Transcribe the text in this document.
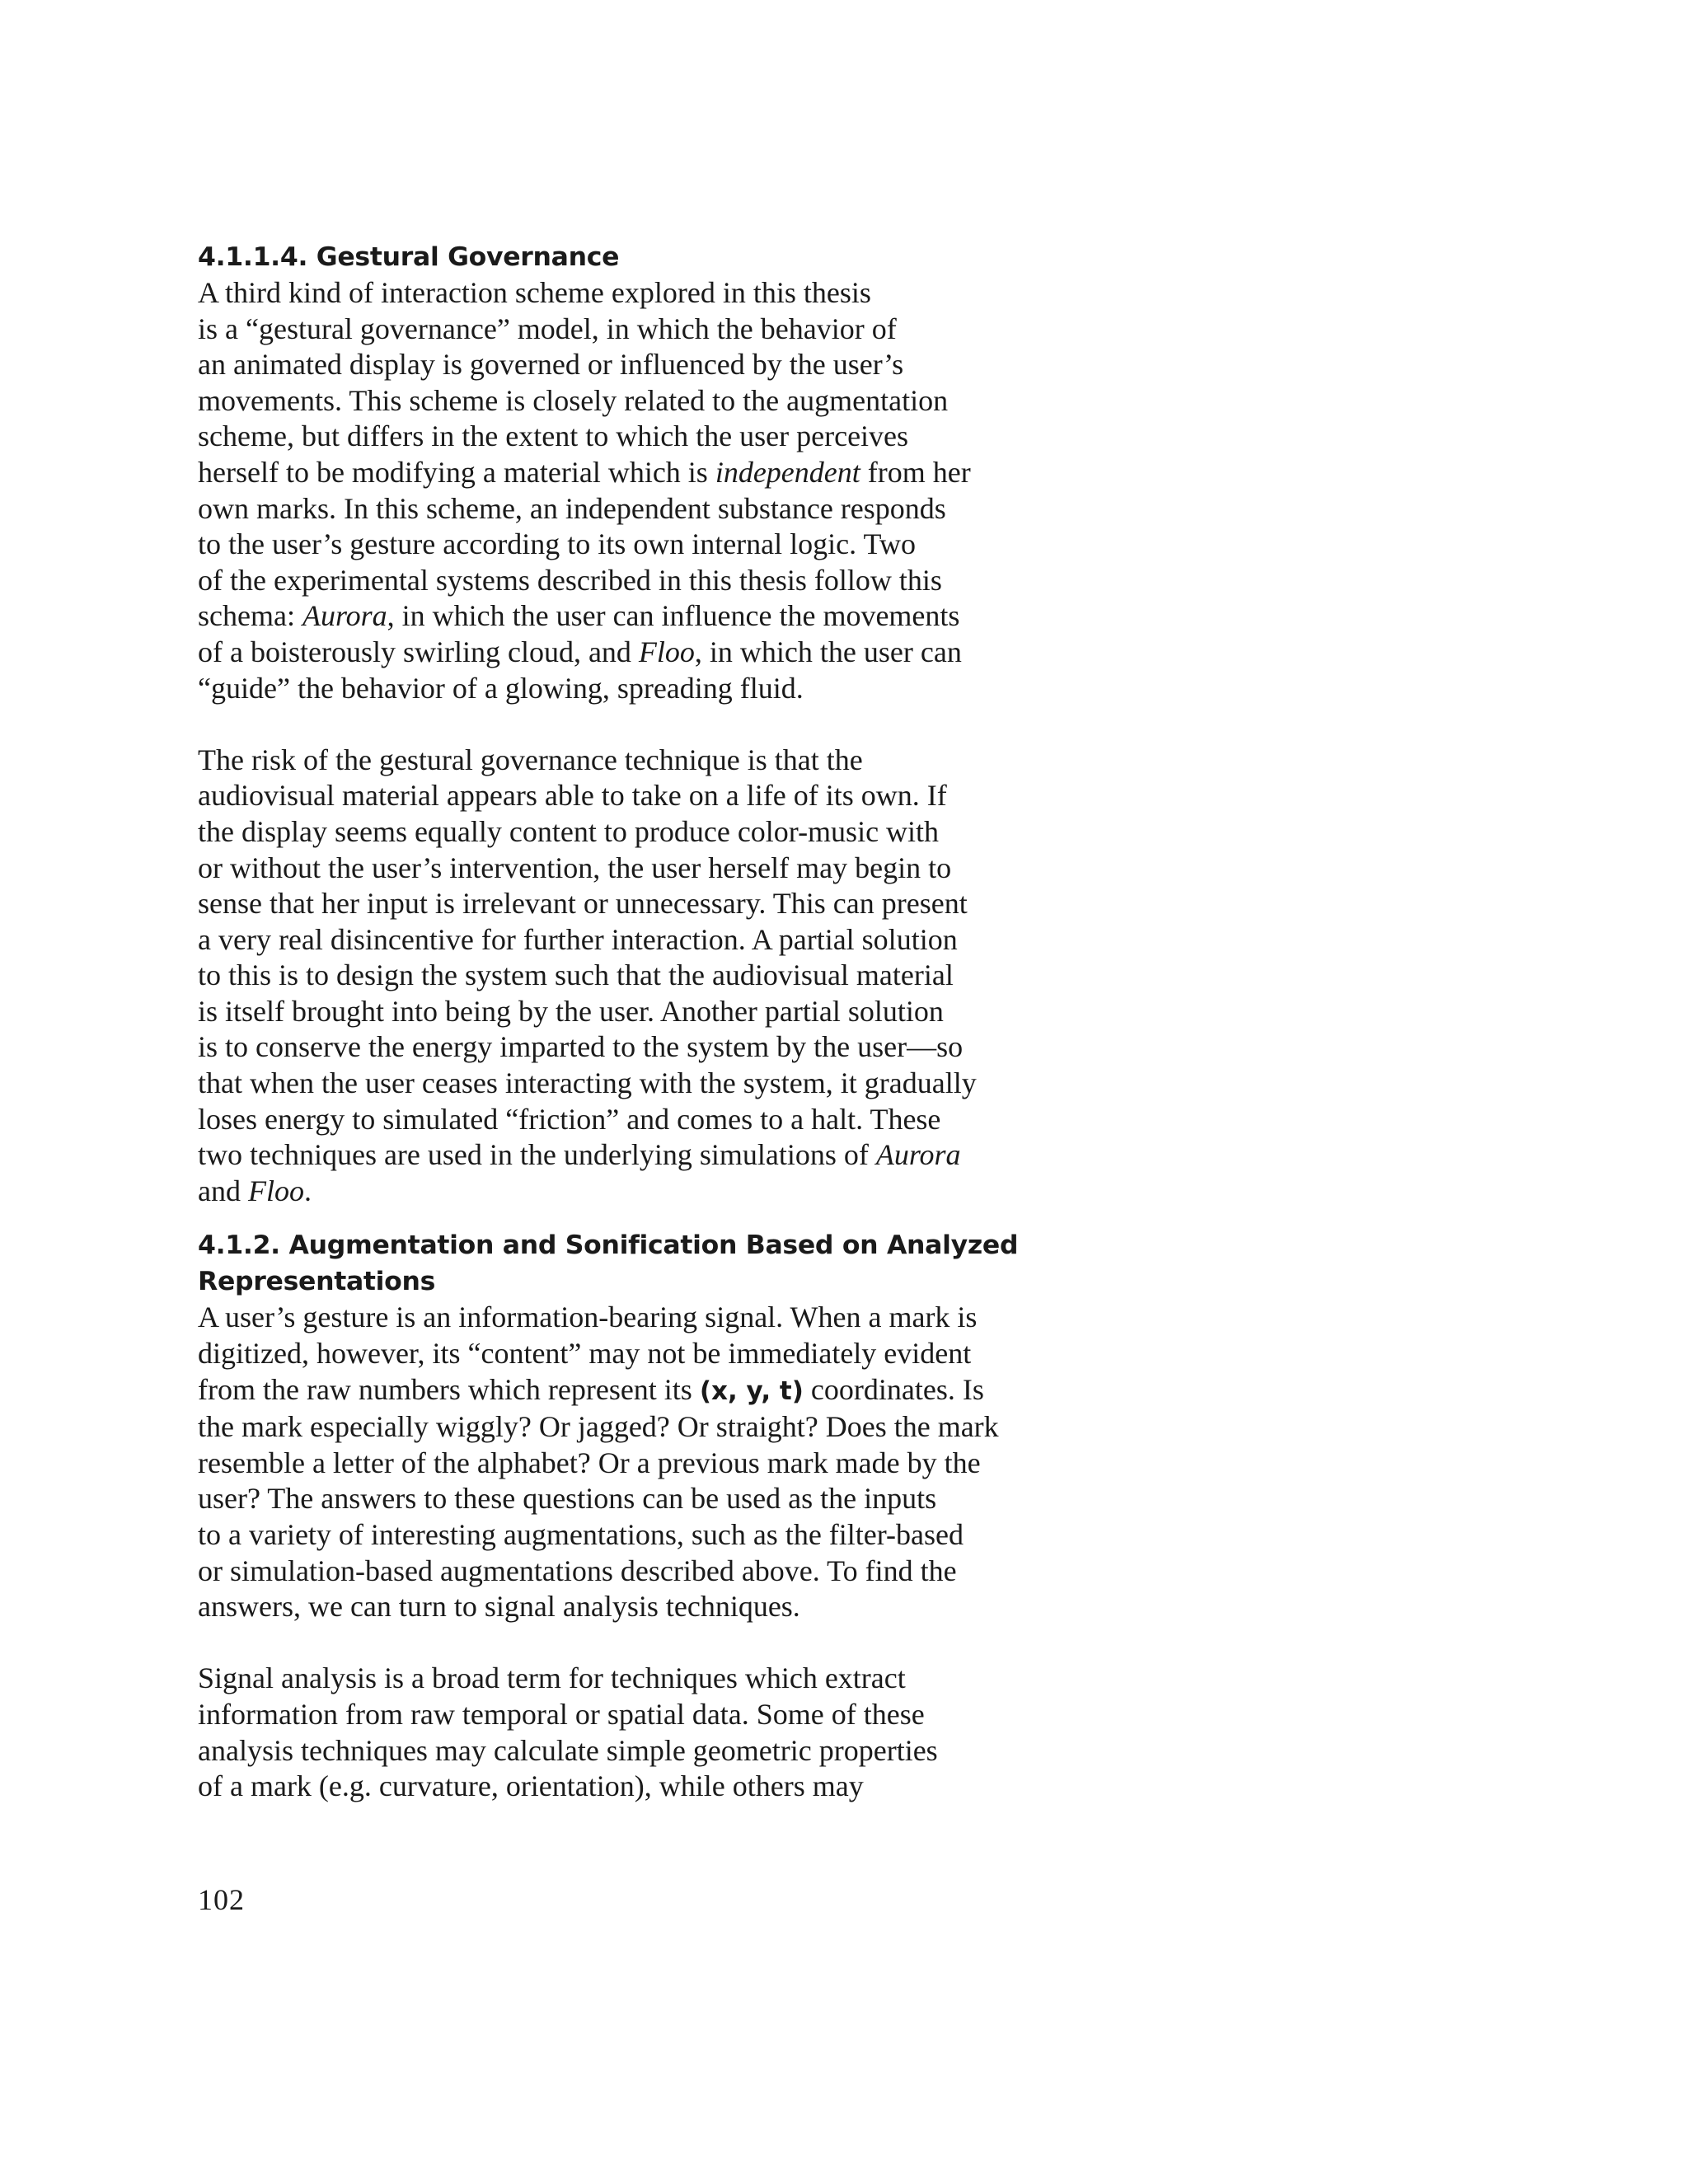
4.1.1.4. Gestural Governance

A third kind of interaction scheme explored in this thesis

is a “gestural governance” model, in which the behavior of

an animated display is governed or influenced by the user’s

movements. This scheme is closely related to the augmentation

scheme, but differs in the extent to which the user perceives

herself to be modifying a material which is independent from her

own marks. In this scheme, an independent substance responds

to the user’s gesture according to its own internal logic. Two

of the experimental systems described in this thesis follow this

schema: Aurora, in which the user can influence the movements

of a boisterously swirling cloud, and Floo, in which the user can

“guide” the behavior of a glowing, spreading fluid.

The risk of the gestural governance technique is that the

audiovisual material appears able to take on a life of its own. If

the display seems equally content to produce color-music with

or without the user’s intervention, the user herself may begin to

sense that her input is irrelevant or unnecessary. This can present

a very real disincentive for further interaction. A partial solution

to this is to design the system such that the audiovisual material

is itself brought into being by the user. Another partial solution

is to conserve the energy imparted to the system by the user—so

that when the user ceases interacting with the system, it gradually

loses energy to simulated “friction” and comes to a halt. These

two techniques are used in the underlying simulations of Aurora

and Floo.

4.1.2. Augmentation and Sonification Based on Analyzed

Representations

A user’s gesture is an information-bearing signal. When a mark is

digitized, however, its “content” may not be immediately evident

from the raw numbers which represent its (x, y, t) coordinates. Is

the mark especially wiggly? Or jagged? Or straight? Does the mark

resemble a letter of the alphabet? Or a previous mark made by the

user? The answers to these questions can be used as the inputs

to a variety of interesting augmentations, such as the filter-based

or simulation-based augmentations described above. To find the

answers, we can turn to signal analysis techniques.

Signal analysis is a broad term for techniques which extract

information from raw temporal or spatial data. Some of these

analysis techniques may calculate simple geometric properties

of a mark (e.g. curvature, orientation), while others may

102
